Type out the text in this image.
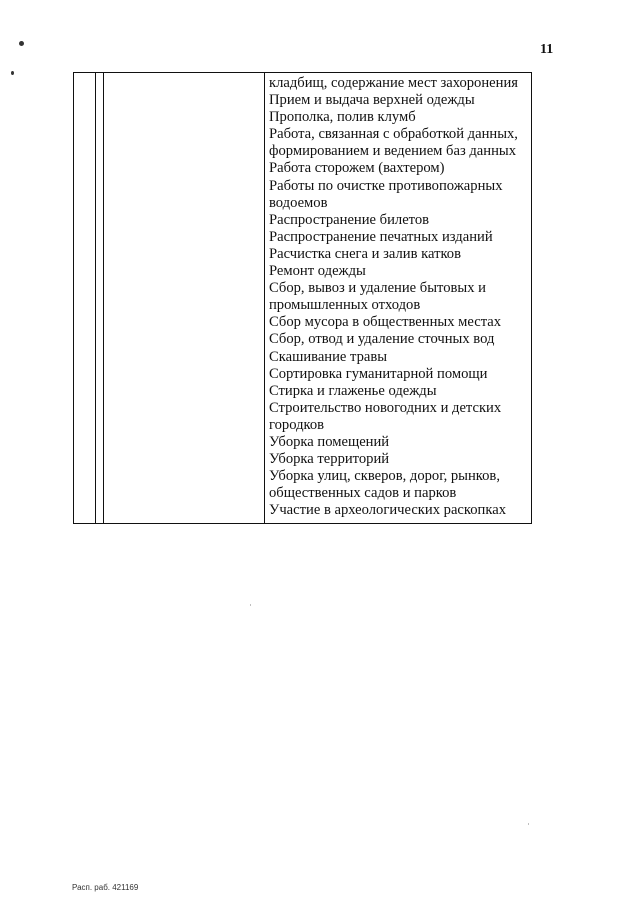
11
кладбищ, содержание мест захоронения
Прием и выдача верхней одежды
Прополка, полив клумб
Работа, связанная с обработкой данных,
формированием и ведением баз данных
Работа сторожем (вахтером)
Работы по очистке противопожарных
водоемов
Распространение билетов
Распространение печатных изданий
Расчистка снега и залив катков
Ремонт одежды
Сбор, вывоз и удаление бытовых и
промышленных отходов
Сбор мусора в общественных местах
Сбор, отвод и удаление сточных вод
Скашивание травы
Сортировка гуманитарной помощи
Стирка и глаженье одежды
Строительство новогодних и детских
городков
Уборка помещений
Уборка территорий
Уборка улиц, скверов, дорог, рынков,
общественных садов и парков
Участие в археологических раскопках
Расп. раб. 421169
